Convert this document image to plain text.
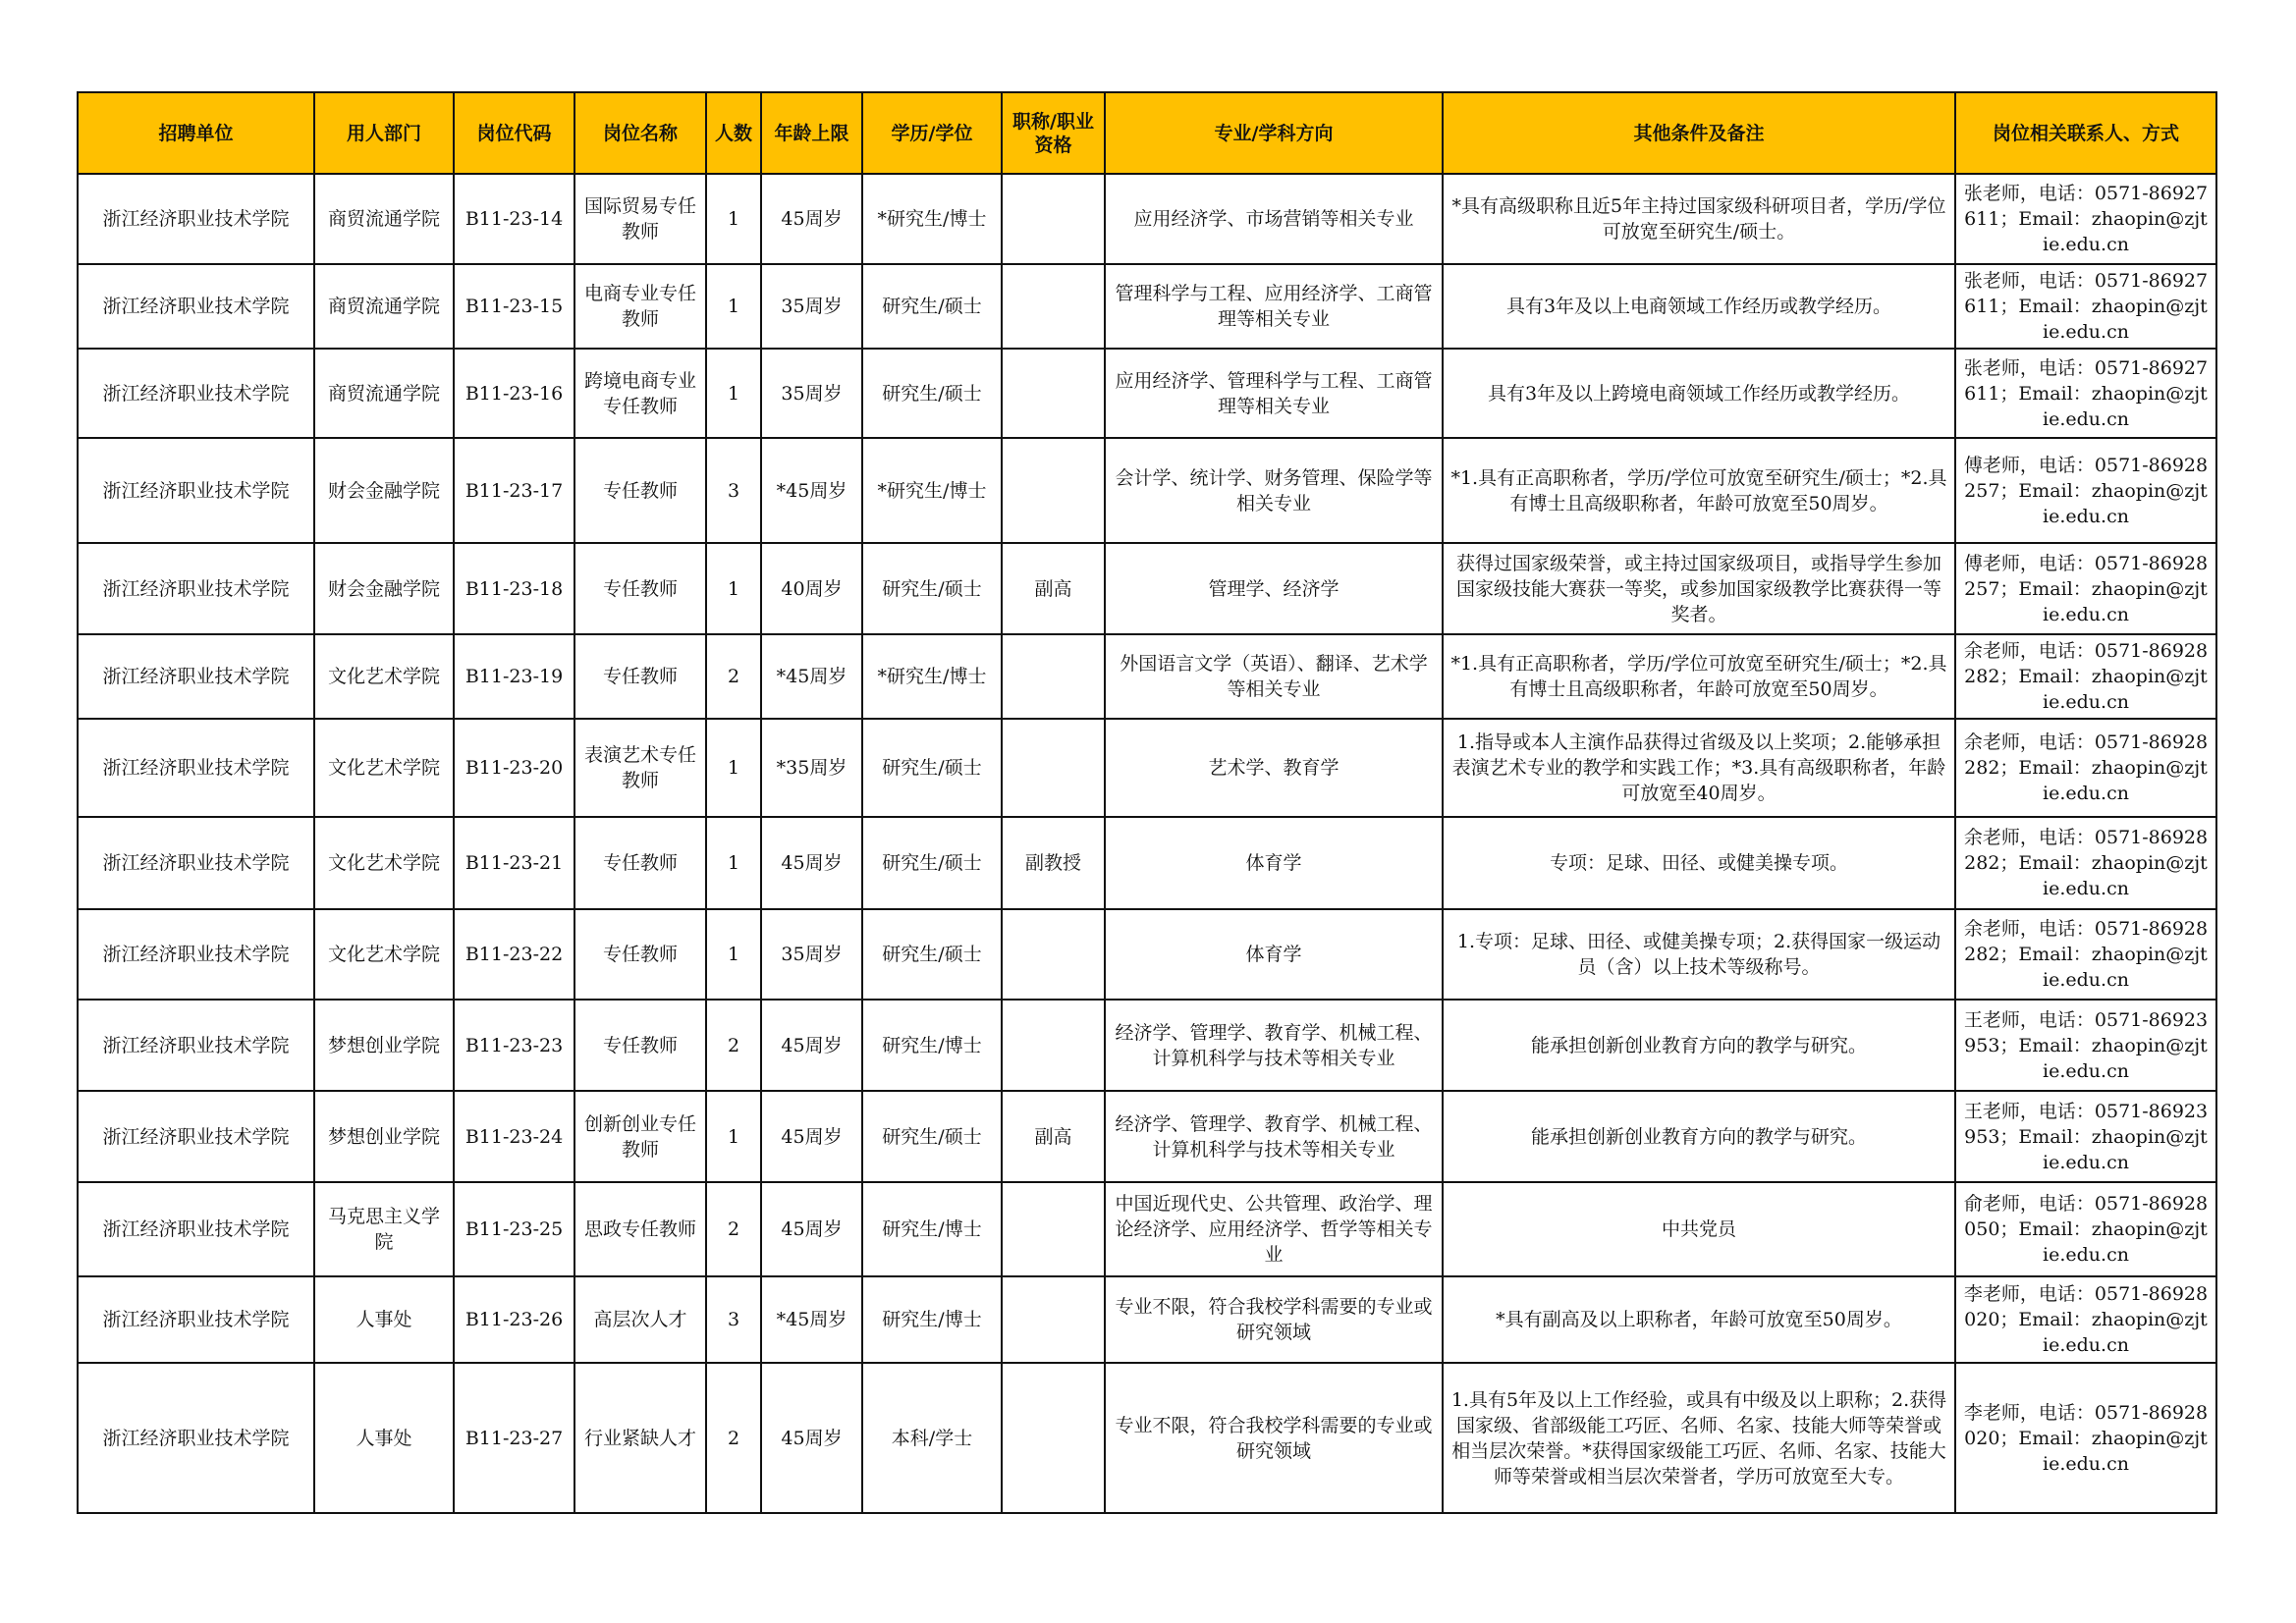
招聘单位	用人部门	岗位代码	岗位名称	人数	年龄上限	学历/学位	职称/职业资格	专业/学科方向	其他条件及备注	岗位相关联系人、方式
浙江经济职业技术学院	商贸流通学院	B11-23-14	国际贸易专任教师	1	45周岁	*研究生/博士		应用经济学、市场营销等相关专业	*具有高级职称且近5年主持过国家级科研项目者，学历/学位可放宽至研究生/硕士。	张老师，电话：0571-86927611；Email：zhaopin@zjtie.edu.cn
浙江经济职业技术学院	商贸流通学院	B11-23-15	电商专业专任教师	1	35周岁	研究生/硕士		管理科学与工程、应用经济学、工商管理等相关专业	具有3年及以上电商领域工作经历或教学经历。	张老师，电话：0571-86927611；Email：zhaopin@zjtie.edu.cn
浙江经济职业技术学院	商贸流通学院	B11-23-16	跨境电商专业专任教师	1	35周岁	研究生/硕士		应用经济学、管理科学与工程、工商管理等相关专业	具有3年及以上跨境电商领域工作经历或教学经历。	张老师，电话：0571-86927611；Email：zhaopin@zjtie.edu.cn
浙江经济职业技术学院	财会金融学院	B11-23-17	专任教师	3	*45周岁	*研究生/博士		会计学、统计学、财务管理、保险学等相关专业	*1.具有正高职称者，学历/学位可放宽至研究生/硕士；*2.具有博士且高级职称者，年龄可放宽至50周岁。	傅老师，电话：0571-86928257；Email：zhaopin@zjtie.edu.cn
浙江经济职业技术学院	财会金融学院	B11-23-18	专任教师	1	40周岁	研究生/硕士	副高	管理学、经济学	获得过国家级荣誉，或主持过国家级项目，或指导学生参加国家级技能大赛获一等奖，或参加国家级教学比赛获得一等奖者。	傅老师，电话：0571-86928257；Email：zhaopin@zjtie.edu.cn
浙江经济职业技术学院	文化艺术学院	B11-23-19	专任教师	2	*45周岁	*研究生/博士		外国语言文学（英语）、翻译、艺术学等相关专业	*1.具有正高职称者，学历/学位可放宽至研究生/硕士；*2.具有博士且高级职称者，年龄可放宽至50周岁。	余老师，电话：0571-86928282；Email：zhaopin@zjtie.edu.cn
浙江经济职业技术学院	文化艺术学院	B11-23-20	表演艺术专任教师	1	*35周岁	研究生/硕士		艺术学、教育学	1.指导或本人主演作品获得过省级及以上奖项；2.能够承担表演艺术专业的教学和实践工作；*3.具有高级职称者，年龄可放宽至40周岁。	余老师，电话：0571-86928282；Email：zhaopin@zjtie.edu.cn
浙江经济职业技术学院	文化艺术学院	B11-23-21	专任教师	1	45周岁	研究生/硕士	副教授	体育学	专项：足球、田径、或健美操专项。	余老师，电话：0571-86928282；Email：zhaopin@zjtie.edu.cn
浙江经济职业技术学院	文化艺术学院	B11-23-22	专任教师	1	35周岁	研究生/硕士		体育学	1.专项：足球、田径、或健美操专项；2.获得国家一级运动员（含）以上技术等级称号。	余老师，电话：0571-86928282；Email：zhaopin@zjtie.edu.cn
浙江经济职业技术学院	梦想创业学院	B11-23-23	专任教师	2	45周岁	研究生/博士		经济学、管理学、教育学、机械工程、计算机科学与技术等相关专业	能承担创新创业教育方向的教学与研究。	王老师，电话：0571-86923953；Email：zhaopin@zjtie.edu.cn
浙江经济职业技术学院	梦想创业学院	B11-23-24	创新创业专任教师	1	45周岁	研究生/硕士	副高	经济学、管理学、教育学、机械工程、计算机科学与技术等相关专业	能承担创新创业教育方向的教学与研究。	王老师，电话：0571-86923953；Email：zhaopin@zjtie.edu.cn
浙江经济职业技术学院	马克思主义学院	B11-23-25	思政专任教师	2	45周岁	研究生/博士		中国近现代史、公共管理、政治学、理论经济学、应用经济学、哲学等相关专业	中共党员	俞老师，电话：0571-86928050；Email：zhaopin@zjtie.edu.cn
浙江经济职业技术学院	人事处	B11-23-26	高层次人才	3	*45周岁	研究生/博士		专业不限，符合我校学科需要的专业或研究领域	*具有副高及以上职称者，年龄可放宽至50周岁。	李老师，电话：0571-86928020；Email：zhaopin@zjtie.edu.cn
浙江经济职业技术学院	人事处	B11-23-27	行业紧缺人才	2	45周岁	本科/学士		专业不限，符合我校学科需要的专业或研究领域	1.具有5年及以上工作经验，或具有中级及以上职称；2.获得国家级、省部级能工巧匠、名师、名家、技能大师等荣誉或相当层次荣誉。*获得国家级能工巧匠、名师、名家、技能大师等荣誉或相当层次荣誉者，学历可放宽至大专。	李老师，电话：0571-86928020；Email：zhaopin@zjtie.edu.cn
